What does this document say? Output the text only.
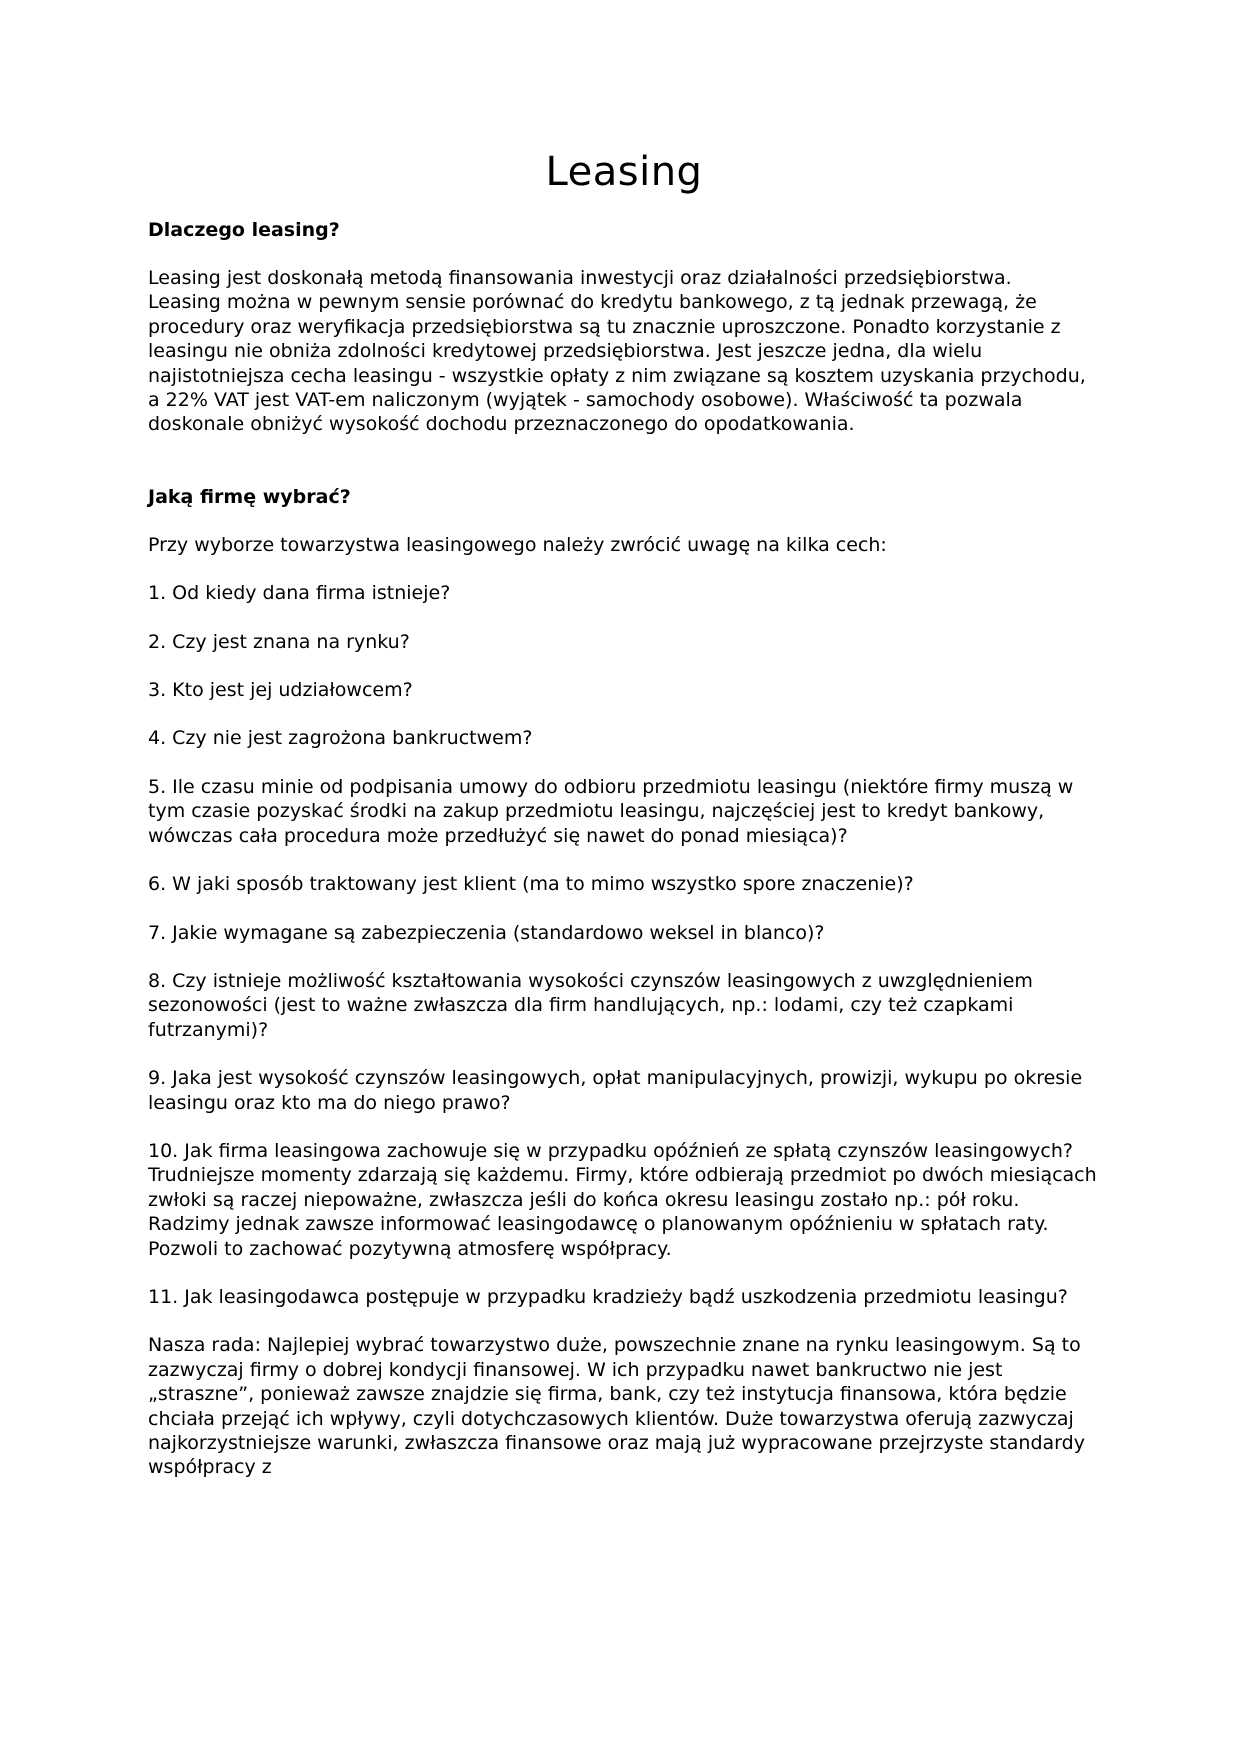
Leasing
Dlaczego leasing?

Leasing jest doskonałą metodą finansowania inwestycji oraz działalności przedsiębiorstwa.
Leasing można w pewnym sensie porównać do kredytu bankowego, z tą jednak przewagą, że procedury oraz weryfikacja przedsiębiorstwa są tu znacznie uproszczone. Ponadto korzystanie z leasingu nie obniża zdolności kredytowej przedsiębiorstwa. Jest jeszcze jedna, dla wielu najistotniejsza cecha leasingu - wszystkie opłaty z nim związane są kosztem uzyskania przychodu, a 22% VAT jest VAT-em naliczonym (wyjątek - samochody osobowe). Właściwość ta pozwala doskonale obniżyć wysokość dochodu przeznaczonego do opodatkowania.

Jaką firmę wybrać?

Przy wyborze towarzystwa leasingowego należy zwrócić uwagę na kilka cech:

1. Od kiedy dana firma istnieje?

2. Czy jest znana na rynku?

3. Kto jest jej udziałowcem?

4. Czy nie jest zagrożona bankructwem?

5. Ile czasu minie od podpisania umowy do odbioru przedmiotu leasingu (niektóre firmy muszą w tym czasie pozyskać środki na zakup przedmiotu leasingu, najczęściej jest to kredyt bankowy, wówczas cała procedura może przedłużyć się nawet do ponad miesiąca)?

6. W jaki sposób traktowany jest klient (ma to mimo wszystko spore znaczenie)?

7. Jakie wymagane są zabezpieczenia (standardowo weksel in blanco)?

8. Czy istnieje możliwość kształtowania wysokości czynszów leasingowych z uwzględnieniem sezonowości (jest to ważne zwłaszcza dla firm handlujących, np.: lodami, czy też czapkami futrzanymi)?

9. Jaka jest wysokość czynszów leasingowych, opłat manipulacyjnych, prowizji, wykupu po okresie leasingu oraz kto ma do niego prawo?

10. Jak firma leasingowa zachowuje się w przypadku opóźnień ze spłatą czynszów leasingowych? Trudniejsze momenty zdarzają się każdemu. Firmy, które odbierają przedmiot po dwóch miesiącach zwłoki są raczej niepoważne, zwłaszcza jeśli do końca okresu leasingu zostało np.: pół roku. Radzimy jednak zawsze informować leasingodawcę o planowanym opóźnieniu w spłatach raty. Pozwoli to zachować pozytywną atmosferę współpracy.

11. Jak leasingodawca postępuje w przypadku kradzieży bądź uszkodzenia przedmiotu leasingu?

Nasza rada: Najlepiej wybrać towarzystwo duże, powszechnie znane na rynku leasingowym. Są to zazwyczaj firmy o dobrej kondycji finansowej. W ich przypadku nawet bankructwo nie jest „straszne”, ponieważ zawsze znajdzie się firma, bank, czy też instytucja finansowa, która będzie chciała przejąć ich wpływy, czyli dotychczasowych klientów. Duże towarzystwa oferują zazwyczaj najkorzystniejsze warunki, zwłaszcza finansowe oraz mają już wypracowane przejrzyste standardy współpracy z
